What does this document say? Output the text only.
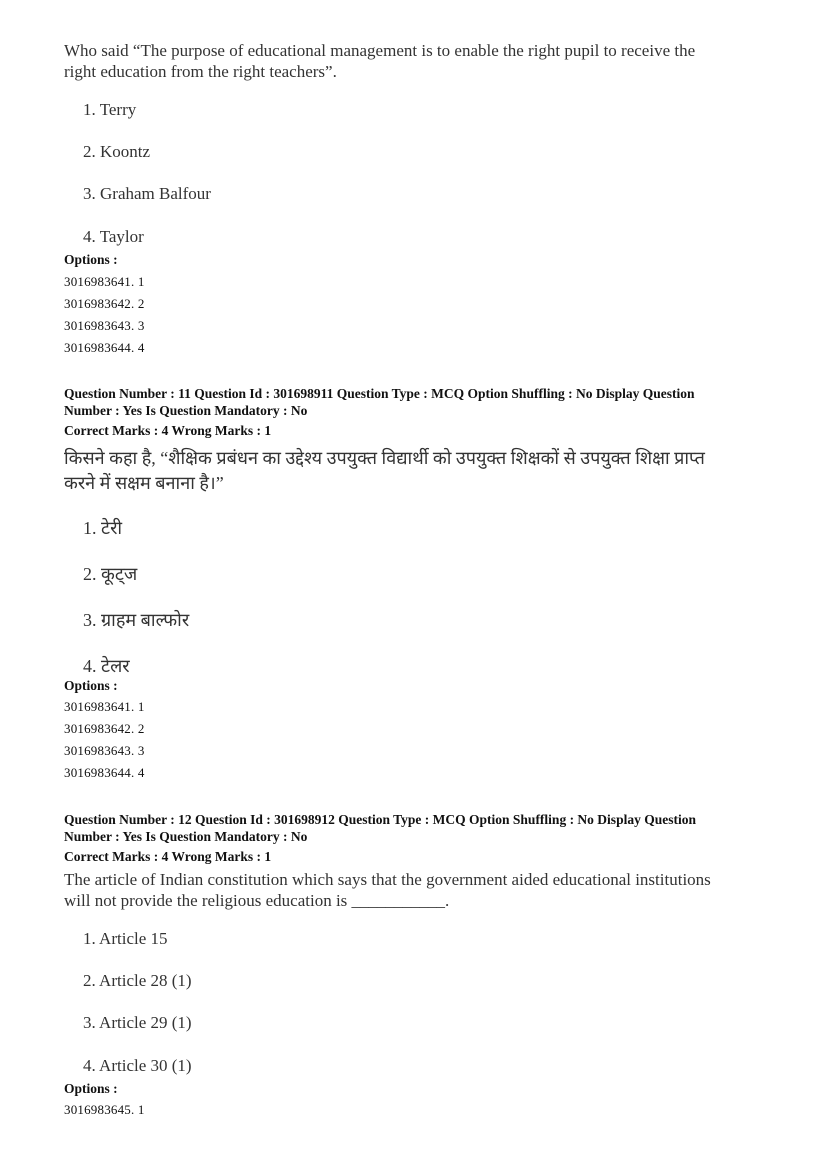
Who said “The purpose of educational management is to enable the right pupil to receive the
right education from the right teachers”.
1. Terry
2. Koontz
3. Graham Balfour
4. Taylor
Options :
3016983641. 1
3016983642. 2
3016983643. 3
3016983644. 4
Question Number : 11 Question Id : 301698911 Question Type : MCQ Option Shuffling : No Display Question
Number : Yes Is Question Mandatory : No
Correct Marks : 4 Wrong Marks : 1
किसने कहा है, “शैक्षिक प्रबंधन का उद्देश्य उपयुक्त विद्यार्थी को उपयुक्त शिक्षकों से उपयुक्त शिक्षा प्राप्त
करने में सक्षम बनाना है।”
1. टेरी
2. कूट्ज
3. ग्राहम बाल्फोर
4. टेलर
Options :
3016983641. 1
3016983642. 2
3016983643. 3
3016983644. 4
Question Number : 12 Question Id : 301698912 Question Type : MCQ Option Shuffling : No Display Question
Number : Yes Is Question Mandatory : No
Correct Marks : 4 Wrong Marks : 1
The article of Indian constitution which says that the government aided educational institutions
will not provide the religious education is ___________.
1. Article 15
2. Article 28 (1)
3. Article 29 (1)
4. Article 30 (1)
Options :
3016983645. 1
